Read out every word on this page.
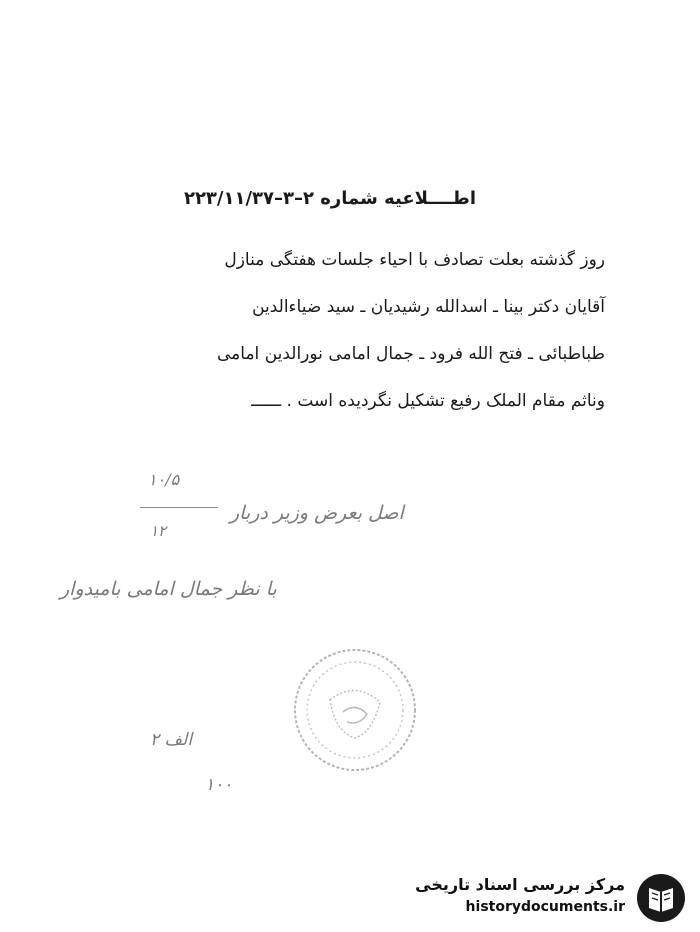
اطــــلاعیه شماره ۲–۳–۲۲۳/۱۱/۳۷
روز گذشته بعلت تصادف با احیاء جلسات هفتگی منازل
آقایان دکتر بینا ـ اسدالله رشیدیان ـ سید ضیاءالدین
طباطبائی ـ فتح الله فرود ـ جمال امامی نورالدین امامی
وناثم مقام الملک رفیع تشکیل نگردیده است . ــــــ
۱۰/۵
۱۲
اصل بعرض وزیر دربار
با نظر جمال امامی بامیدوار
الف ۲
۱۰۰
مرکز بررسی اسناد تاریخی
historydocuments.ir
